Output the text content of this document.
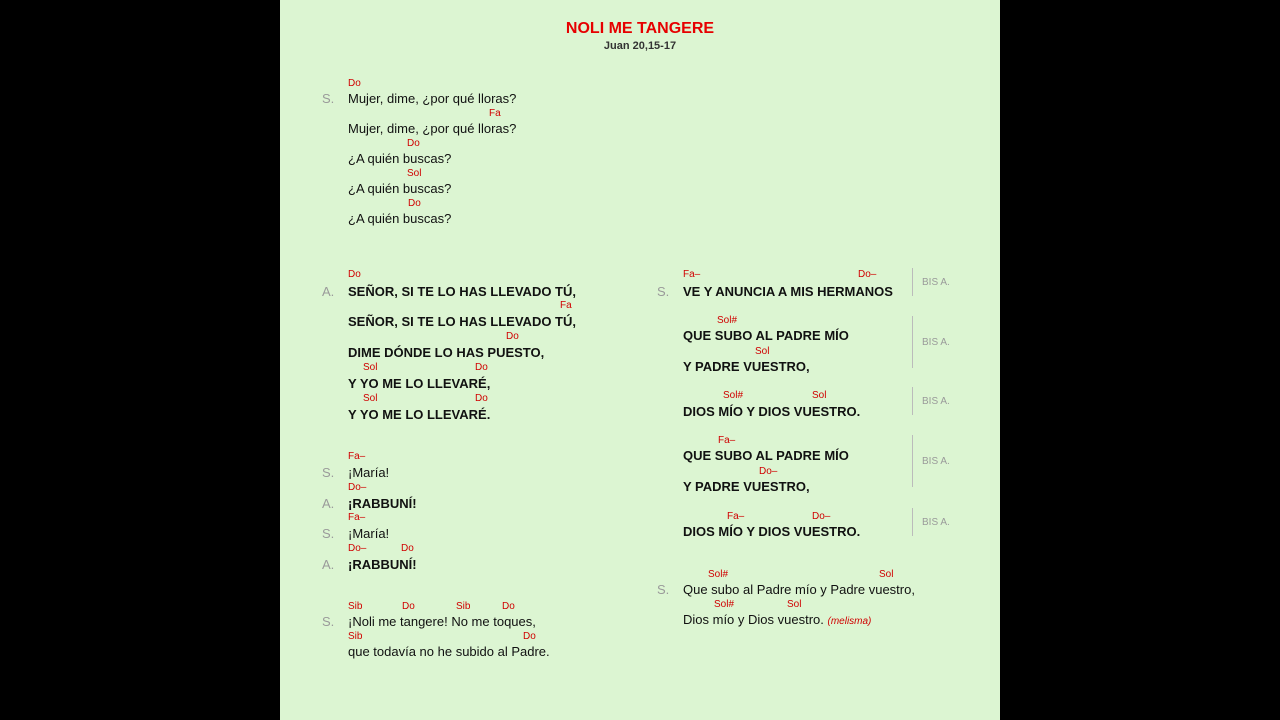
NOLI ME TANGERE
Juan 20,15-17
S.
Do
Mujer, dime, ¿por qué lloras?
Fa
Mujer, dime, ¿por qué lloras?
Do
¿A quién buscas?
Sol
¿A quién buscas?
Do
¿A quién buscas?
A.
Do
SEÑOR, SI TE LO HAS LLEVADO TÚ,
Fa
SEÑOR, SI TE LO HAS LLEVADO TÚ,
Do
DIME DÓNDE LO HAS PUESTO,
Sol	Do
Y YO ME LO LLEVARÉ,
Sol	Do
Y YO ME LO LLEVARÉ.
S.
Fa–
¡María!
A.
Do–
¡RABBUNÍ!
S.
Fa–
¡María!
A.
Do–	Do
¡RABBUNÍ!
S.
Sib	Do	Sib	Do
¡Noli me tangere! No me toques,
Sib	Do
que todavía no he subido al Padre.
S.
Fa–	Do–
VE Y ANUNCIA A MIS HERMANOS
Sol#
QUE SUBO AL PADRE MÍO
Sol
Y PADRE VUESTRO,
Sol#	Sol
DIOS MÍO Y DIOS VUESTRO.
Fa–
QUE SUBO AL PADRE MÍO
Do–
Y PADRE VUESTRO,
Fa–	Do–
DIOS MÍO Y DIOS VUESTRO.
BIS A.
BIS A.
BIS A.
BIS A.
BIS A.
S.
Sol#	Sol
Que subo al Padre mío y Padre vuestro,
Sol#	Sol
Dios mío y Dios vuestro. (melisma)
